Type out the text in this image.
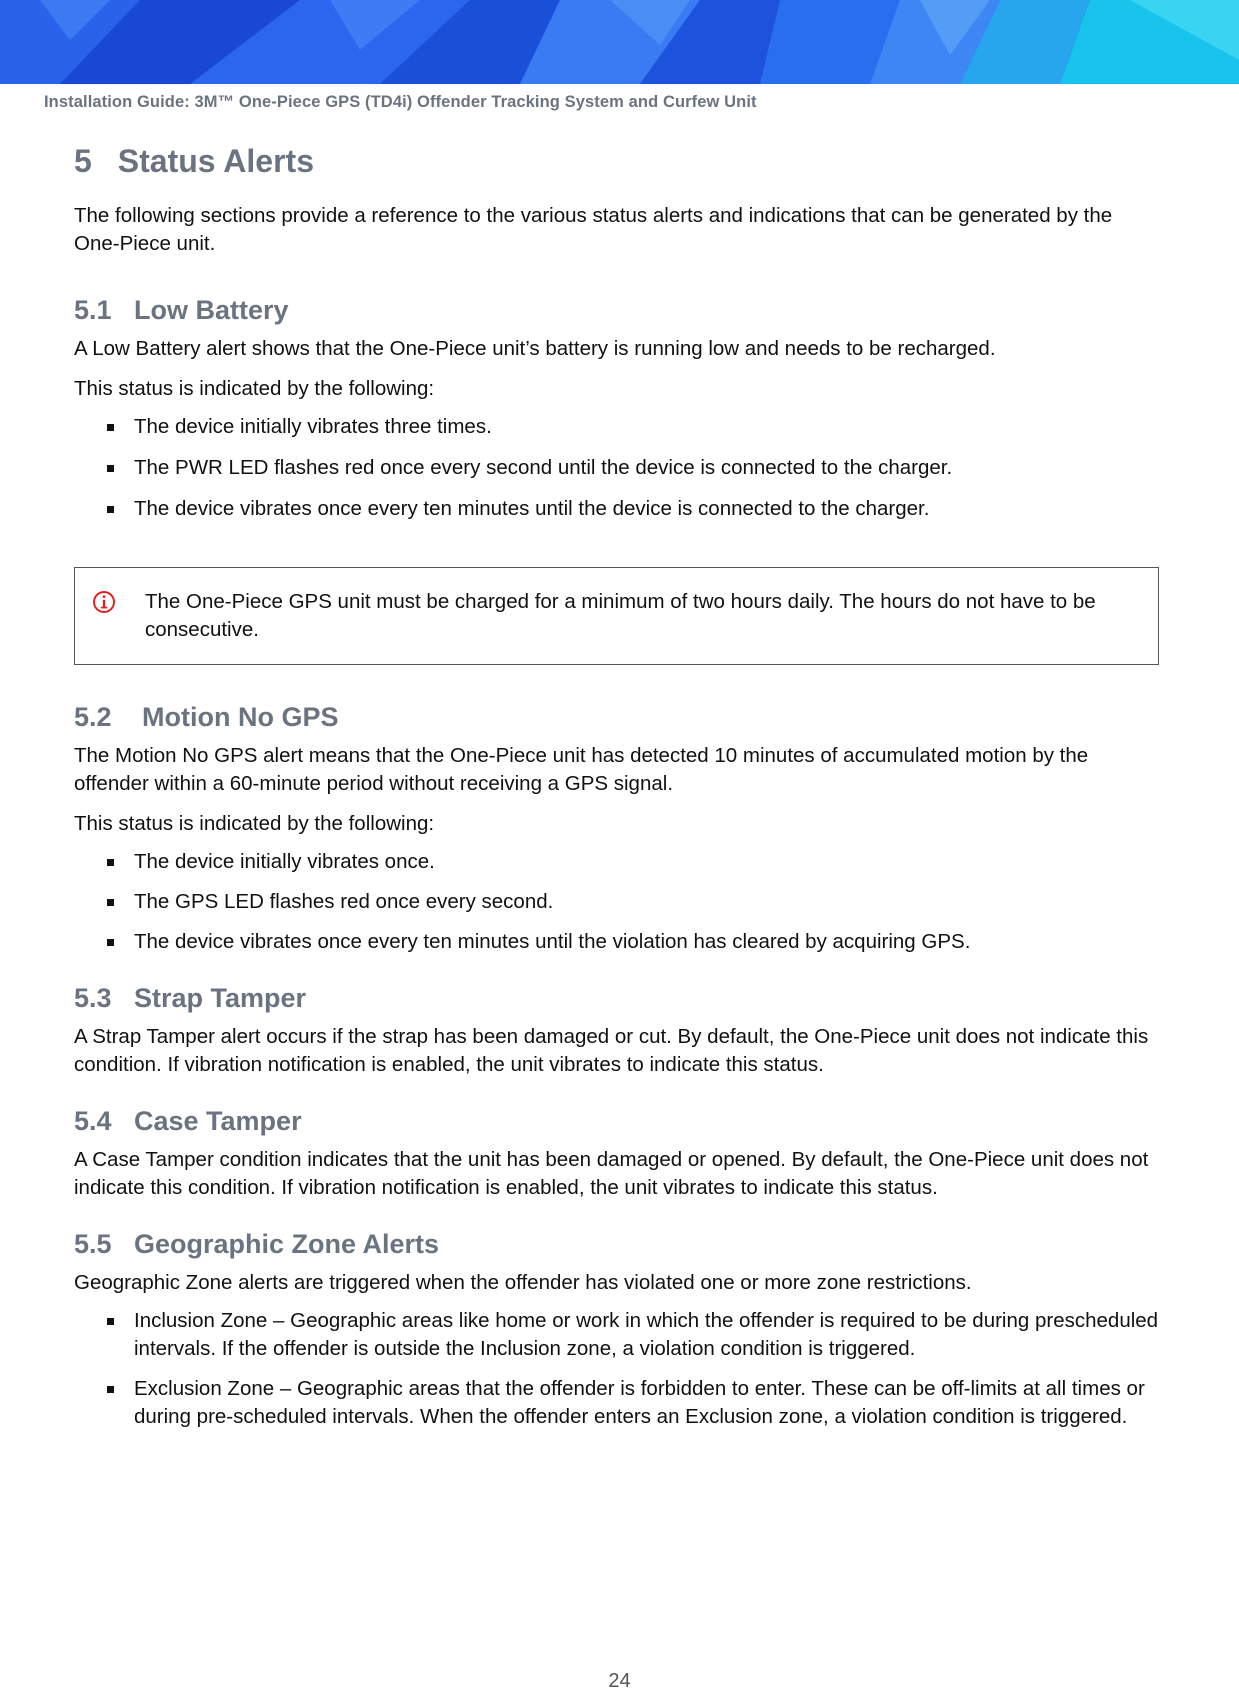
Installation Guide: 3M™ One-Piece GPS (TD4i) Offender Tracking System and Curfew Unit
5 Status Alerts

The following sections provide a reference to the various status alerts and indications that can be generated by the One-Piece unit.

5.1 Low Battery

A Low Battery alert shows that the One-Piece unit’s battery is running low and needs to be recharged.

This status is indicated by the following:

The device initially vibrates three times.
The PWR LED flashes red once every second until the device is connected to the charger.
The device vibrates once every ten minutes until the device is connected to the charger.

The One-Piece GPS unit must be charged for a minimum of two hours daily. The hours do not have to be consecutive.

5.2	Motion No GPS

The Motion No GPS alert means that the One-Piece unit has detected 10 minutes of accumulated motion by the offender within a 60-minute period without receiving a GPS signal.

This status is indicated by the following:

The device initially vibrates once.
The GPS LED flashes red once every second.
The device vibrates once every ten minutes until the violation has cleared by acquiring GPS.
5.3 Strap Tamper

A Strap Tamper alert occurs if the strap has been damaged or cut. By default, the One-Piece unit does not indicate this condition. If vibration notification is enabled, the unit vibrates to indicate this status.

5.4 Case Tamper

A Case Tamper condition indicates that the unit has been damaged or opened. By default, the One-Piece unit does not indicate this condition. If vibration notification is enabled, the unit vibrates to indicate this status.

5.5 Geographic Zone Alerts

Geographic Zone alerts are triggered when the offender has violated one or more zone restrictions.

Inclusion Zone – Geographic areas like home or work in which the offender is required to be during prescheduled intervals. If the offender is outside the Inclusion zone, a violation condition is triggered.
Exclusion Zone – Geographic areas that the offender is forbidden to enter. These can be off-limits at all times or during pre-scheduled intervals. When the offender enters an Exclusion zone, a violation condition is triggered.
24
